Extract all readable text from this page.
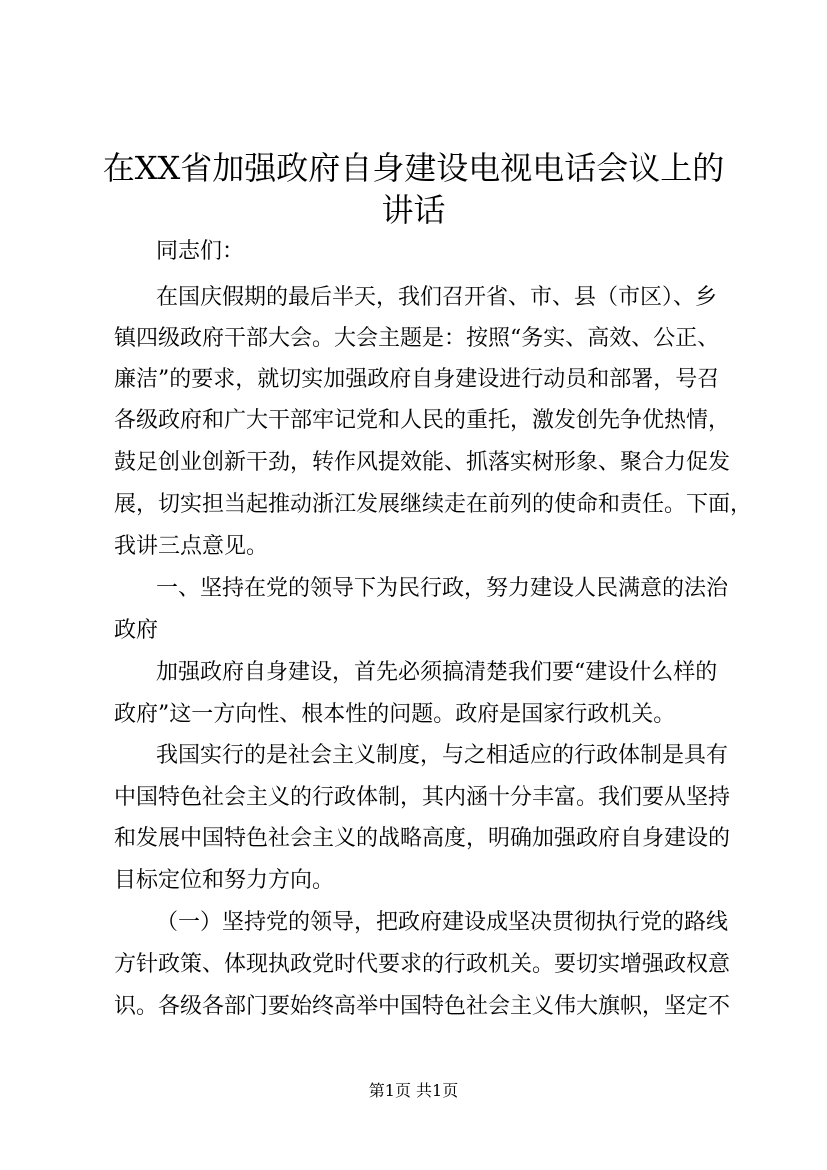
在XX省加强政府自身建设电视电话会议上的
讲话
同志们：
在国庆假期的最后半天，我们召开省、市、县（市区）、乡
镇四级政府干部大会。大会主题是：按照“务实、高效、公正、
廉洁”的要求，就切实加强政府自身建设进行动员和部署，号召
各级政府和广大干部牢记党和人民的重托，激发创先争优热情，
鼓足创业创新干劲，转作风提效能、抓落实树形象、聚合力促发
展，切实担当起推动浙江发展继续走在前列的使命和责任。下面，
我讲三点意见。
一、坚持在党的领导下为民行政，努力建设人民满意的法治
政府
加强政府自身建设，首先必须搞清楚我们要“建设什么样的
政府”这一方向性、根本性的问题。政府是国家行政机关。
我国实行的是社会主义制度，与之相适应的行政体制是具有
中国特色社会主义的行政体制，其内涵十分丰富。我们要从坚持
和发展中国特色社会主义的战略高度，明确加强政府自身建设的
目标定位和努力方向。
（一）坚持党的领导，把政府建设成坚决贯彻执行党的路线
方针政策、体现执政党时代要求的行政机关。要切实增强政权意
识。各级各部门要始终高举中国特色社会主义伟大旗帜，坚定不
第1页 共1页
